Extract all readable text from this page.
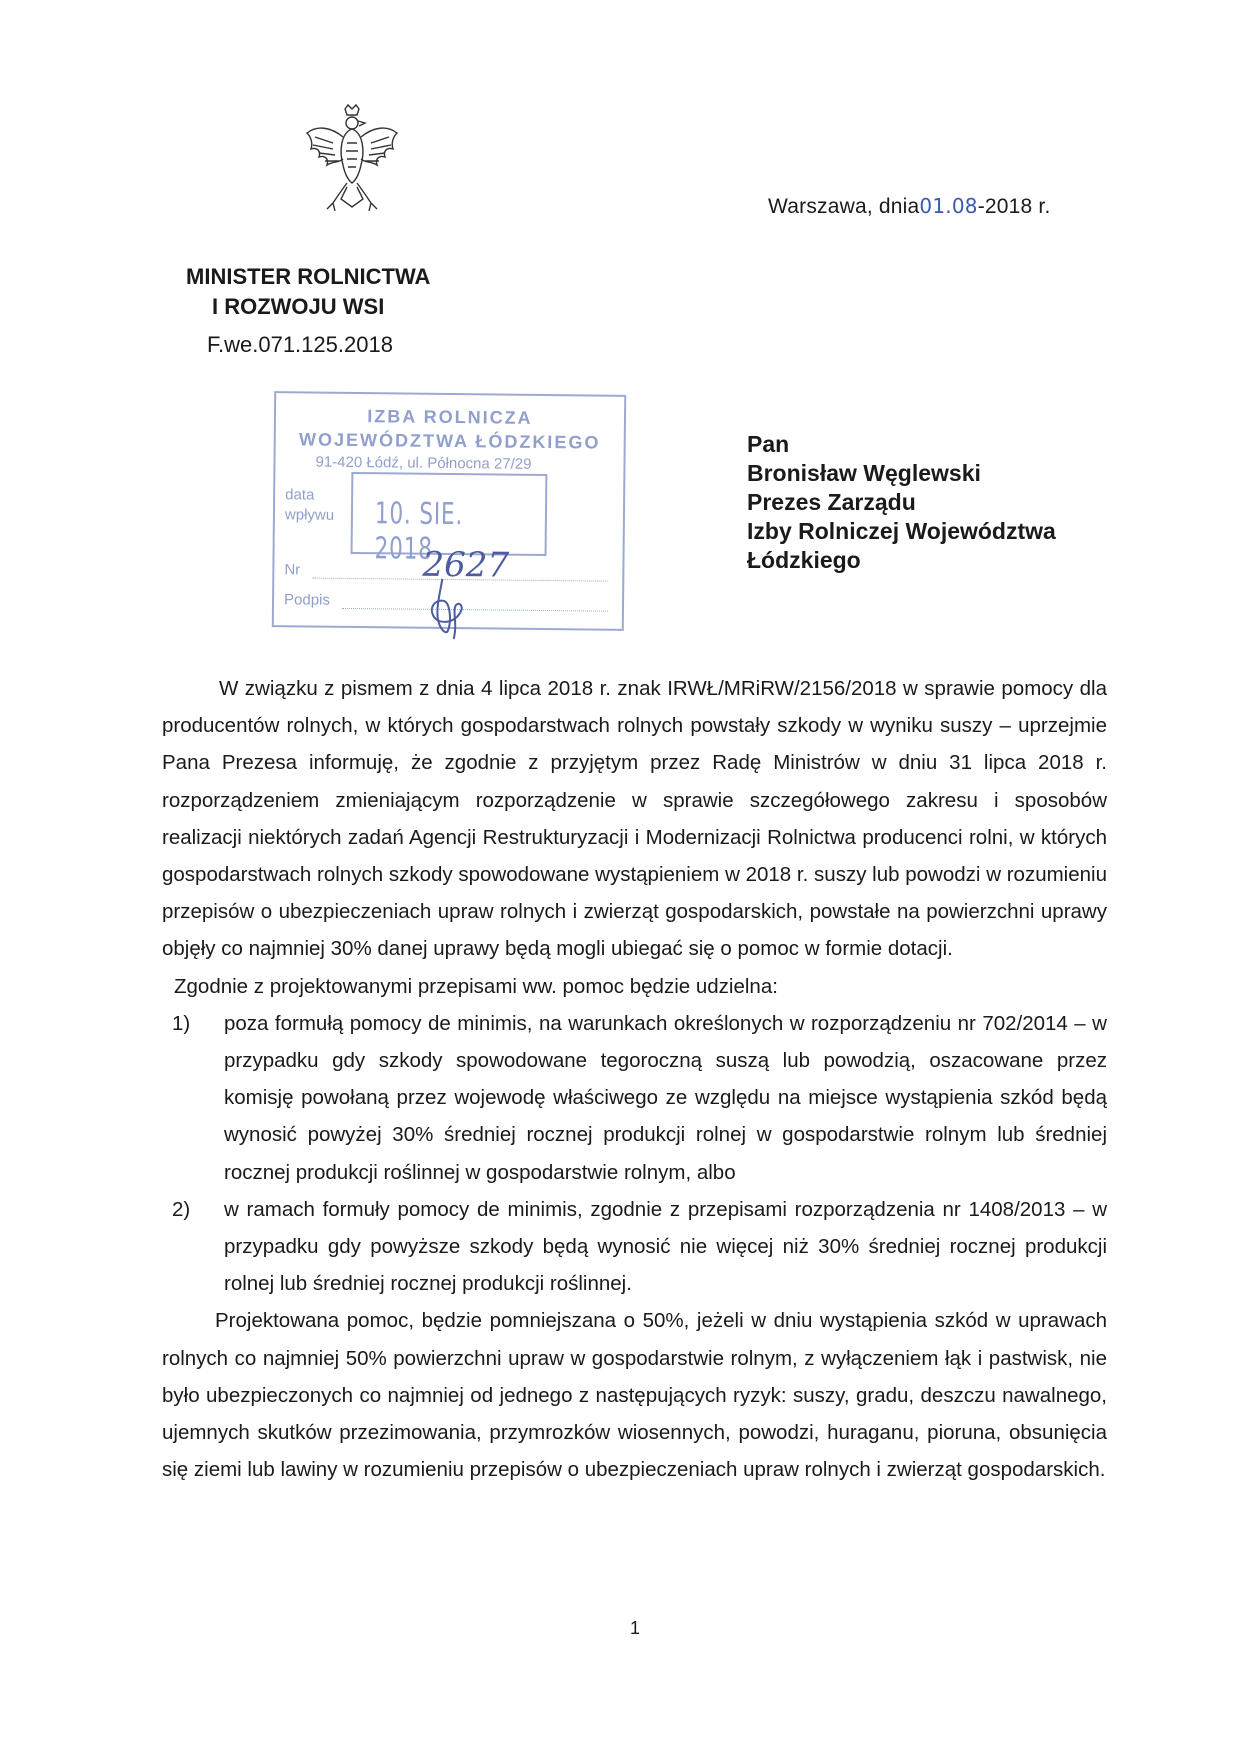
Warszawa, dnia01.08-2018 r.
MINISTER ROLNICTWA
I ROZWOJU WSI
F.we.071.125.2018
IZBA ROLNICZA
WOJEWÓDZTWA ŁÓDZKIEGO
91-420 Łódź, ul. Północna 27/29
data
wpływu 10. SIE. 2018
Nr	2627
Podpis
Pan
Bronisław Węglewski
Prezes Zarządu
Izby Rolniczej Województwa
Łódzkiego

W związku z pismem z dnia 4 lipca 2018 r. znak IRWŁ/MRiRW/2156/2018 w sprawie pomocy dla producentów rolnych, w których gospodarstwach rolnych powstały szkody w wyniku suszy – uprzejmie Pana Prezesa informuję, że zgodnie z przyjętym przez Radę Ministrów w dniu 31 lipca 2018 r. rozporządzeniem zmieniającym rozporządzenie w sprawie szczegółowego zakresu i sposobów realizacji niektórych zadań Agencji Restrukturyzacji i Modernizacji Rolnictwa producenci rolni, w których gospodarstwach rolnych szkody spowodowane wystąpieniem w 2018 r. suszy lub powodzi w rozumieniu przepisów o ubezpieczeniach upraw rolnych i zwierząt gospodarskich, powstałe na powierzchni uprawy objęły co najmniej 30% danej uprawy będą mogli ubiegać się o pomoc w formie dotacji.

Zgodnie z projektowanymi przepisami ww. pomoc będzie udzielna:

1) poza formułą pomocy de minimis, na warunkach określonych w rozporządzeniu nr 702/2014 – w przypadku gdy szkody spowodowane tegoroczną suszą lub powodzią, oszacowane przez komisję powołaną przez wojewodę właściwego ze względu na miejsce wystąpienia szkód będą wynosić powyżej 30% średniej rocznej produkcji rolnej w gospodarstwie rolnym lub średniej rocznej produkcji roślinnej w gospodarstwie rolnym, albo
2) w ramach formuły pomocy de minimis, zgodnie z przepisami rozporządzenia nr 1408/2013 – w przypadku gdy powyższe szkody będą wynosić nie więcej niż 30% średniej rocznej produkcji rolnej lub średniej rocznej produkcji roślinnej.

Projektowana pomoc, będzie pomniejszana o 50%, jeżeli w dniu wystąpienia szkód w uprawach rolnych co najmniej 50% powierzchni upraw w gospodarstwie rolnym, z wyłączeniem łąk i pastwisk, nie było ubezpieczonych co najmniej od jednego z następujących ryzyk: suszy, gradu, deszczu nawalnego, ujemnych skutków przezimowania, przymrozków wiosennych, powodzi, huraganu, pioruna, obsunięcia się ziemi lub lawiny w rozumieniu przepisów o ubezpieczeniach upraw rolnych i zwierząt gospodarskich.

1
